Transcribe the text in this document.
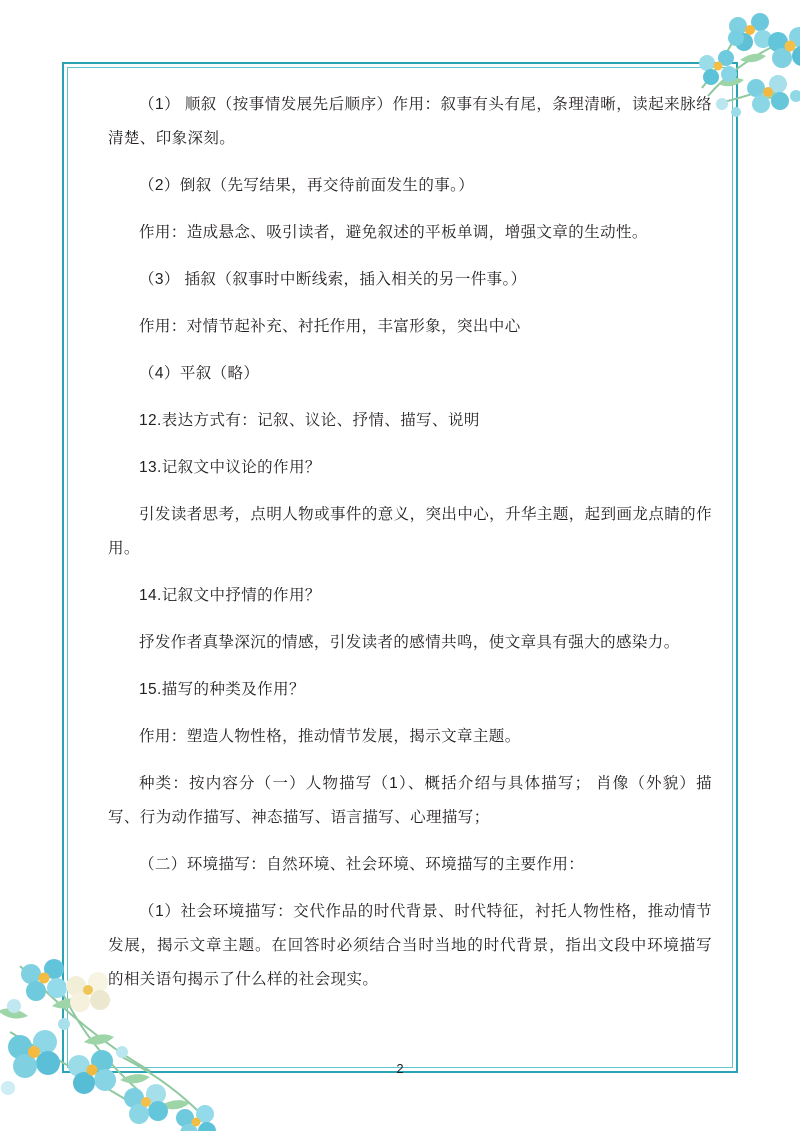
（1） 顺叙（按事情发展先后顺序）作用：叙事有头有尾，条理清晰，读起来脉络清楚、印象深刻。

（2）倒叙（先写结果，再交待前面发生的事。）

作用：造成悬念、吸引读者，避免叙述的平板单调，增强文章的生动性。

（3） 插叙（叙事时中断线索，插入相关的另一件事。）

作用：对情节起补充、衬托作用，丰富形象，突出中心

（4）平叙（略）

12.表达方式有：记叙、议论、抒情、描写、说明

13.记叙文中议论的作用？

引发读者思考，点明人物或事件的意义，突出中心，升华主题，起到画龙点睛的作用。

14.记叙文中抒情的作用？

抒发作者真挚深沉的情感，引发读者的感情共鸣，使文章具有强大的感染力。

15.描写的种类及作用？

作用：塑造人物性格，推动情节发展，揭示文章主题。

种类：按内容分（一）人物描写（1）、概括介绍与具体描写； 肖像（外貌）描写、行为动作描写、神态描写、语言描写、心理描写；

（二）环境描写：自然环境、社会环境、环境描写的主要作用：

（1）社会环境描写：交代作品的时代背景、时代特征，衬托人物性格，推动情节发展，揭示文章主题。在回答时必须结合当时当地的时代背景，指出文段中环境描写的相关语句揭示了什么样的社会现实。

2
